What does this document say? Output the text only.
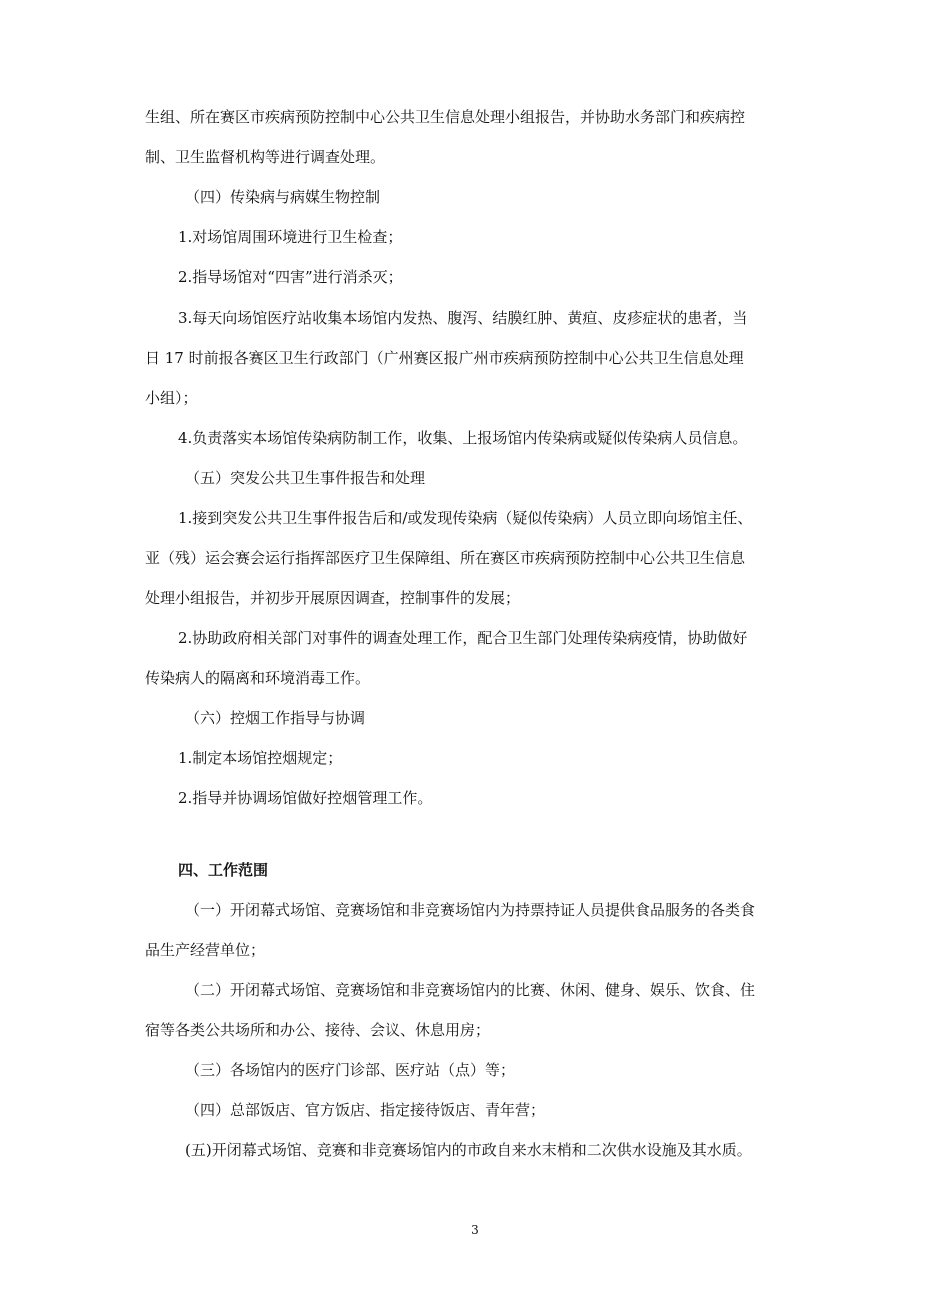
生组、所在赛区市疾病预防控制中心公共卫生信息处理小组报告，并协助水务部门和疾病控

制、卫生监督机构等进行调查处理。

（四）传染病与病媒生物控制

1.对场馆周围环境进行卫生检查；

2.指导场馆对“四害”进行消杀灭；

3.每天向场馆医疗站收集本场馆内发热、腹泻、结膜红肿、黄疸、皮疹症状的患者，当

日 17 时前报各赛区卫生行政部门（广州赛区报广州市疾病预防控制中心公共卫生信息处理

小组）；

4.负责落实本场馆传染病防制工作，收集、上报场馆内传染病或疑似传染病人员信息。

（五）突发公共卫生事件报告和处理

1.接到突发公共卫生事件报告后和/或发现传染病（疑似传染病）人员立即向场馆主任、

亚（残）运会赛会运行指挥部医疗卫生保障组、所在赛区市疾病预防控制中心公共卫生信息

处理小组报告，并初步开展原因调查，控制事件的发展；

2.协助政府相关部门对事件的调查处理工作，配合卫生部门处理传染病疫情，协助做好

传染病人的隔离和环境消毒工作。

（六）控烟工作指导与协调

1.制定本场馆控烟规定；

2.指导并协调场馆做好控烟管理工作。

四、工作范围

（一）开闭幕式场馆、竞赛场馆和非竞赛场馆内为持票持证人员提供食品服务的各类食

品生产经营单位；

（二）开闭幕式场馆、竞赛场馆和非竞赛场馆内的比赛、休闲、健身、娱乐、饮食、住

宿等各类公共场所和办公、接待、会议、休息用房；

（三）各场馆内的医疗门诊部、医疗站（点）等；

（四）总部饭店、官方饭店、指定接待饭店、青年营；

(五)开闭幕式场馆、竞赛和非竞赛场馆内的市政自来水末梢和二次供水设施及其水质。

3
